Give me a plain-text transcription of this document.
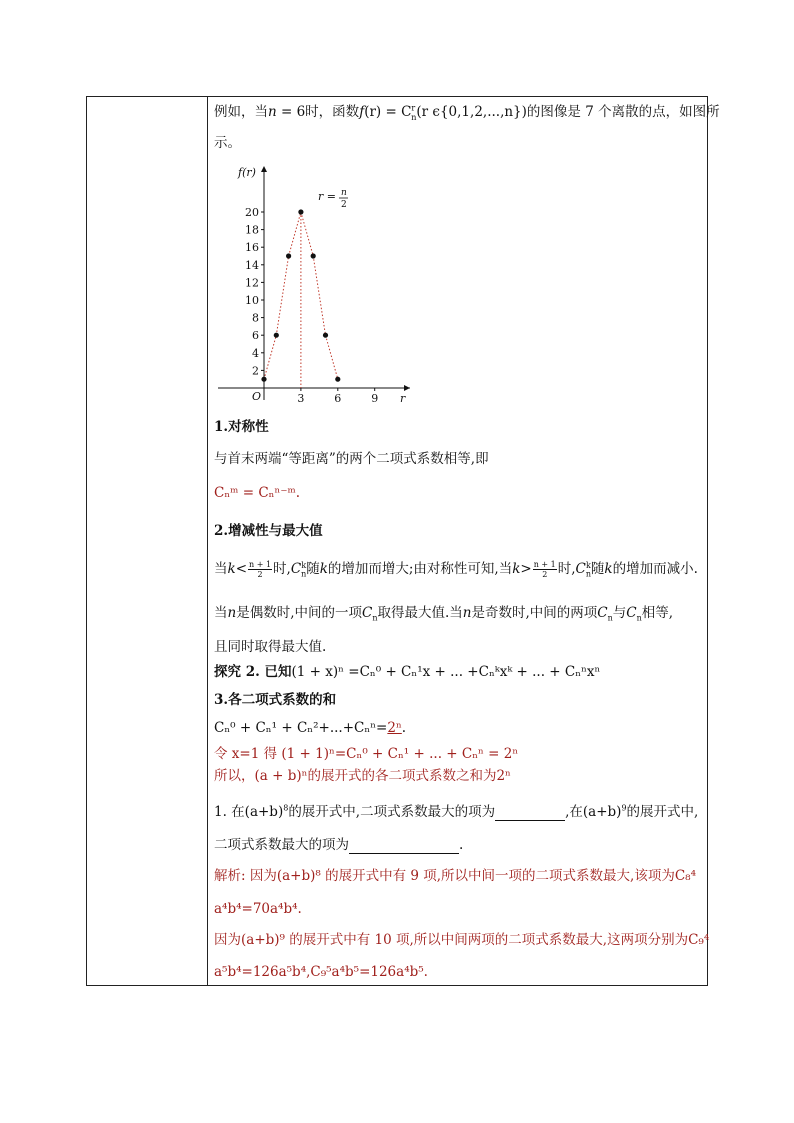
例如，当n = 6时，函数$f(r) = C^r_n(r$ ϵ{0,1,2,...,n})的图像是 7 个离散的点，如图所
示。
f(r)
r
O
2
4
6
8
10
12
14
16
18
20
3	6	9
r = n
2
1.对称性
与首末两端“等距离”的两个二项式系数相等,即
Cₙᵐ = Cₙⁿ⁻ᵐ.
2.增减性与最大值
当$k< \frac{n + 1}{2}$ 时$,C_n^k$随k的增加而增大;由对称性可知,当$k> \frac{n + 1}{2}$ 时$,C_n^k$随k的增加而减小.
当n是偶数时,中间的一项$C_n$取得最大值.当n是奇数时,中间的两项$C_n$与$C_n$相等,
且同时取得最大值.
探究 2. 已知(1 + x)ⁿ =Cₙ⁰ + Cₙ¹x + ... +Cₙᵏxᵏ + ... + Cₙⁿxⁿ
3.各二项式系数的和
Cₙ⁰ + Cₙ¹ + Cₙ²+...+Cₙⁿ=2ⁿ.
令 x=1 得 (1 + 1)ⁿ=Cₙ⁰ + Cₙ¹ + ... + Cₙⁿ = 2ⁿ
所以，(a + b)ⁿ的展开式的各二项式系数之和为2ⁿ
1. 在$(a+b)^8$的展开式中,二项式系数最大的项为	,在$(a+b)^9$的展开式中,
二项式系数最大的项为	.
解析: 因为(a+b)⁸ 的展开式中有 9 项,所以中间一项的二项式系数最大,该项为C₈⁴
a⁴b⁴=70a⁴b⁴.
因为(a+b)⁹ 的展开式中有 10 项,所以中间两项的二项式系数最大,这两项分别为C₉⁴
a⁵b⁴=126a⁵b⁴,C₉⁵a⁴b⁵=126a⁴b⁵.
